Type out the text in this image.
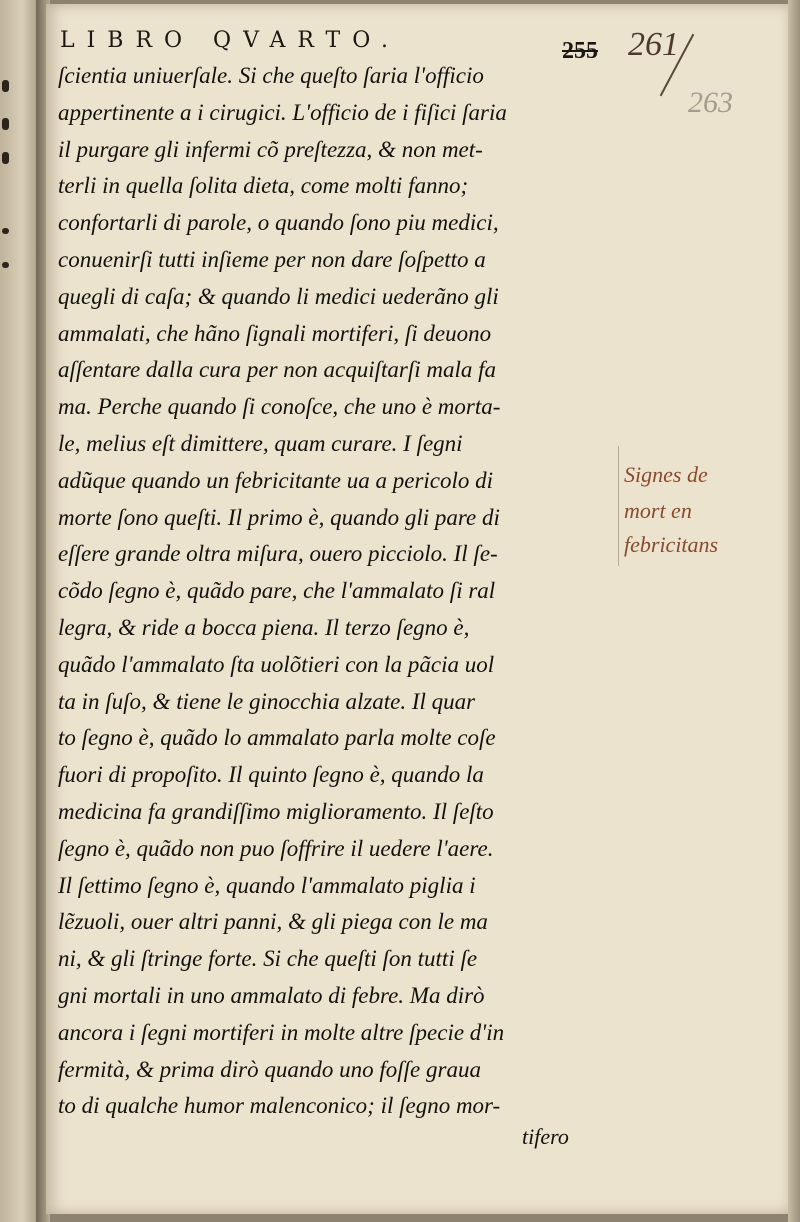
LIBRO QVARTO.	255 261
263
ſcientia uniuerſale. Si che queſto ſaria l'officio
appertinente a i cirugici. L'officio de i fiſici ſaria
il purgare gli infermi cõ preſtezza, & non met-
terli in quella ſolita dieta, come molti fanno;
confortarli di parole, o quando ſono piu medici,
conuenirſi tutti inſieme per non dare ſoſpetto a
quegli di caſa; & quando li medici uederãno gli
ammalati, che hãno ſignali mortiferi, ſi deuono
aſſentare dalla cura per non acquiſtarſi mala fa
ma. Perche quando ſi conoſce, che uno è morta-
le, melius eſt dimittere, quam curare. I ſegni
adũque quando un febricitante ua a pericolo di
morte ſono queſti. Il primo è, quando gli pare di
eſſere grande oltra miſura, ouero picciolo. Il ſe-
cõdo ſegno è, quãdo pare, che l'ammalato ſi ral
legra, & ride a bocca piena. Il terzo ſegno è,
quãdo l'ammalato ſta uolõtieri con la pãcia uol
ta in ſuſo, & tiene le ginocchia alzate. Il quar
to ſegno è, quãdo lo ammalato parla molte coſe
fuori di propoſito. Il quinto ſegno è, quando la
medicina fa grandiſſimo miglioramento. Il ſeſto
ſegno è, quãdo non puo ſoffrire il uedere l'aere.
Il ſettimo ſegno è, quando l'ammalato piglia i
lẽzuoli, ouer altri panni, & gli piega con le ma
ni, & gli ſtringe forte. Si che queſti ſon tutti ſe
gni mortali in uno ammalato di febre. Ma dirò
ancora i ſegni mortiferi in molte altre ſpecie d'in
fermità, & prima dirò quando uno foſſe graua
to di qualche humor malenconico; il ſegno mor-
tifero
Signes de
mort en
febricitans
